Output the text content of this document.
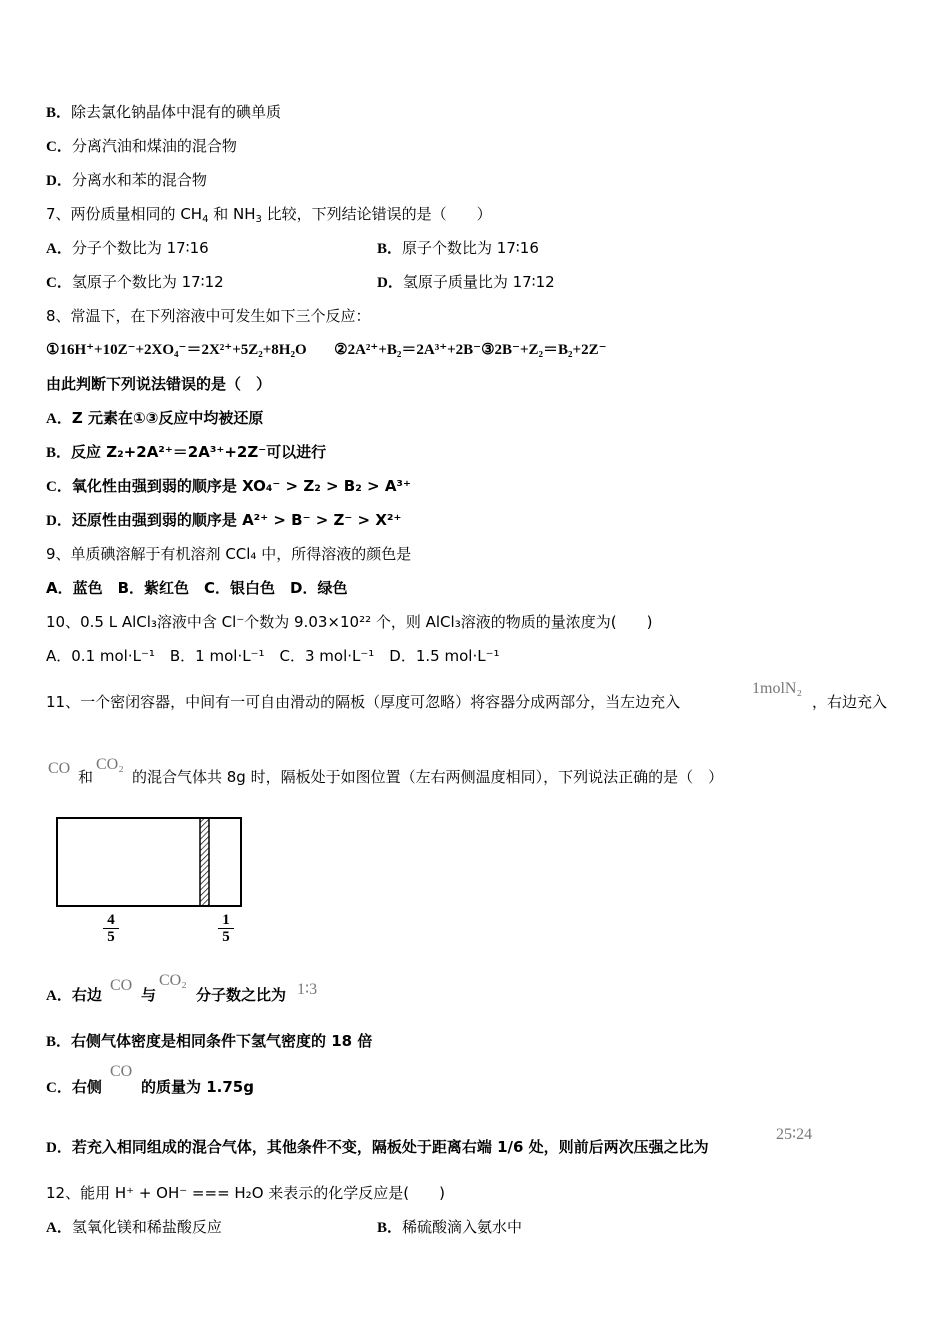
B．除去氯化钠晶体中混有的碘单质
C．分离汽油和煤油的混合物
D．分离水和苯的混合物
7、两份质量相同的 $CH_4$ 和 $NH_3$ 比较，下列结论错误的是（　　）
A．分子个数比为 17∶16	B．原子个数比为 17∶16
C．氢原子个数比为 17∶12	D．氢原子质量比为 17∶12
8、常温下，在下列溶液中可发生如下三个反应：
①16H⁺+10Z⁻+2XO₄⁻＝2X²⁺+5Z₂+8H₂O ②2A²⁺+B₂＝2A³⁺+2B⁻③2B⁻+Z₂＝B₂+2Z⁻
由此判断下列说法错误的是（　）
A．Z 元素在①③反应中均被还原
B．反应 Z₂+2A²⁺＝2A³⁺+2Z⁻可以进行
C．氧化性由强到弱的顺序是 XO₄⁻ > Z₂ > B₂ > A³⁺
D．还原性由强到弱的顺序是 A²⁺ > B⁻ > Z⁻ > X²⁺
9、单质碘溶解于有机溶剂 CCl₄ 中，所得溶液的颜色是
A．蓝色　B．紫红色　C．银白色　D．绿色
10、0.5 L AlCl₃溶液中含 Cl⁻个数为 9.03×10²² 个，则 AlCl₃溶液的物质的量浓度为(　　)
A．0.1 mol·L⁻¹　B．1 mol·L⁻¹　C．3 mol·L⁻¹　D．1.5 mol·L⁻¹
11、一个密闭容器，中间有一可自由滑动的隔板（厚度可忽略）将容器分成两部分，当左边充入
1molN₂
，右边充入
CO 和
CO₂
的混合气体共 8g 时，隔板处于如图位置（左右两侧温度相同），下列说法正确的是（　）
4
5
1
5
A．右边
CO
与
CO₂
分子数之比为 1∶3
B．右侧气体密度是相同条件下氢气密度的 18 倍
C．右侧
CO
的质量为 1.75g
D．若充入相同组成的混合气体，其他条件不变，隔板处于距离右端 1/6 处，则前后两次压强之比为
25∶24
12、能用 H⁺ + OH⁻ === H₂O 来表示的化学反应是(　　)
A．氢氧化镁和稀盐酸反应	B．稀硫酸滴入氨水中
